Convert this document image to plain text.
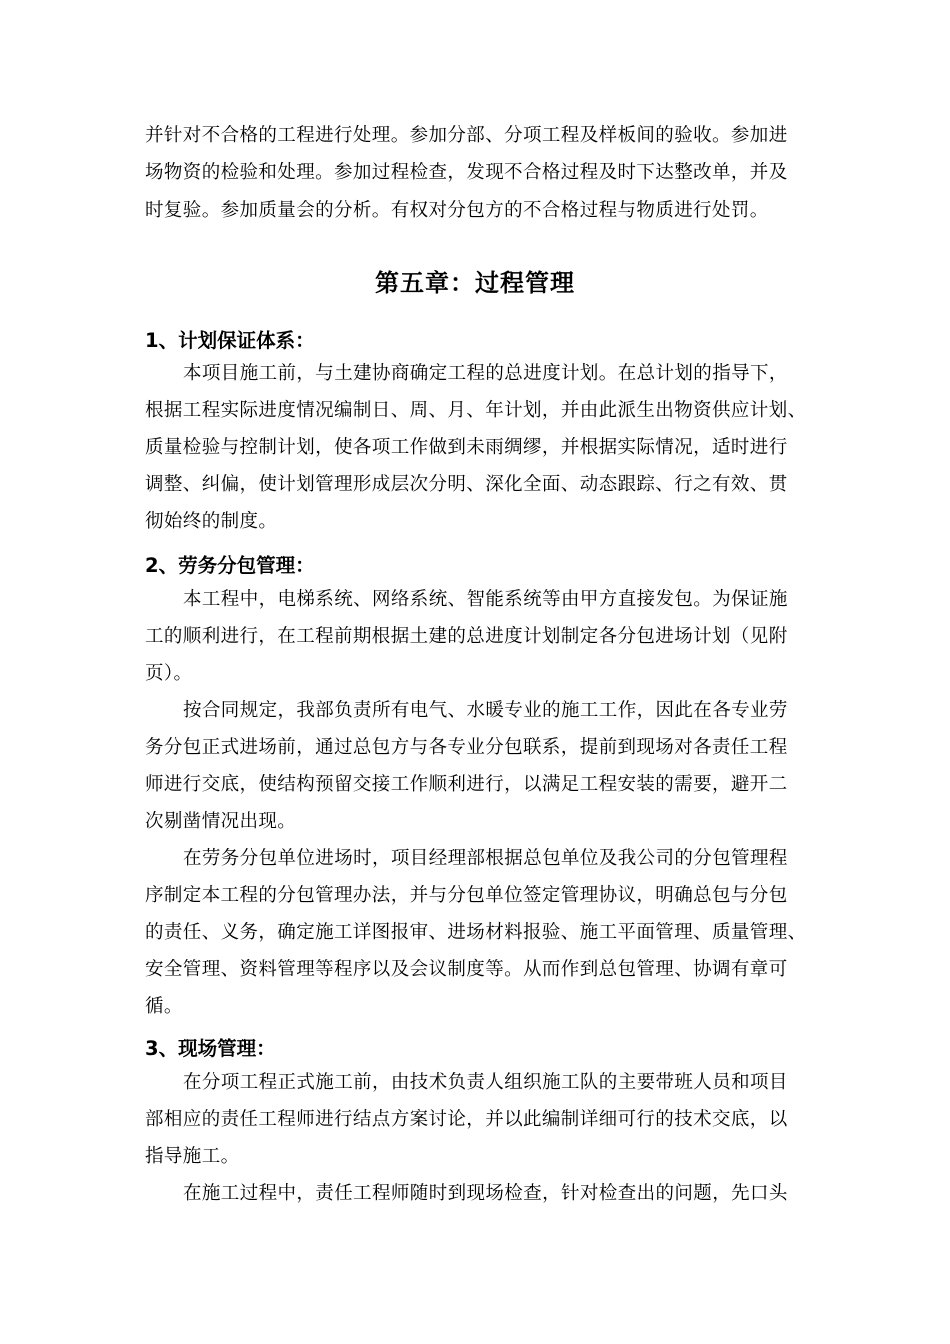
并针对不合格的工程进行处理。参加分部、分项工程及样板间的验收。参加进
场物资的检验和处理。参加过程检查，发现不合格过程及时下达整改单，并及
时复验。参加质量会的分析。有权对分包方的不合格过程与物质进行处罚。
第五章：过程管理
1、计划保证体系：
本项目施工前，与土建协商确定工程的总进度计划。在总计划的指导下，
根据工程实际进度情况编制日、周、月、年计划，并由此派生出物资供应计划、
质量检验与控制计划，使各项工作做到未雨绸缪，并根据实际情况，适时进行
调整、纠偏，使计划管理形成层次分明、深化全面、动态跟踪、行之有效、贯
彻始终的制度。
2、劳务分包管理：
本工程中，电梯系统、网络系统、智能系统等由甲方直接发包。为保证施
工的顺利进行，在工程前期根据土建的总进度计划制定各分包进场计划（见附
页）。
按合同规定，我部负责所有电气、水暖专业的施工工作，因此在各专业劳
务分包正式进场前，通过总包方与各专业分包联系，提前到现场对各责任工程
师进行交底，使结构预留交接工作顺利进行，以满足工程安装的需要，避开二
次剔凿情况出现。
在劳务分包单位进场时，项目经理部根据总包单位及我公司的分包管理程
序制定本工程的分包管理办法，并与分包单位签定管理协议，明确总包与分包
的责任、义务，确定施工详图报审、进场材料报验、施工平面管理、质量管理、
安全管理、资料管理等程序以及会议制度等。从而作到总包管理、协调有章可
循。
3、现场管理：
在分项工程正式施工前，由技术负责人组织施工队的主要带班人员和项目
部相应的责任工程师进行结点方案讨论，并以此编制详细可行的技术交底，以
指导施工。
在施工过程中，责任工程师随时到现场检查，针对检查出的问题，先口头
